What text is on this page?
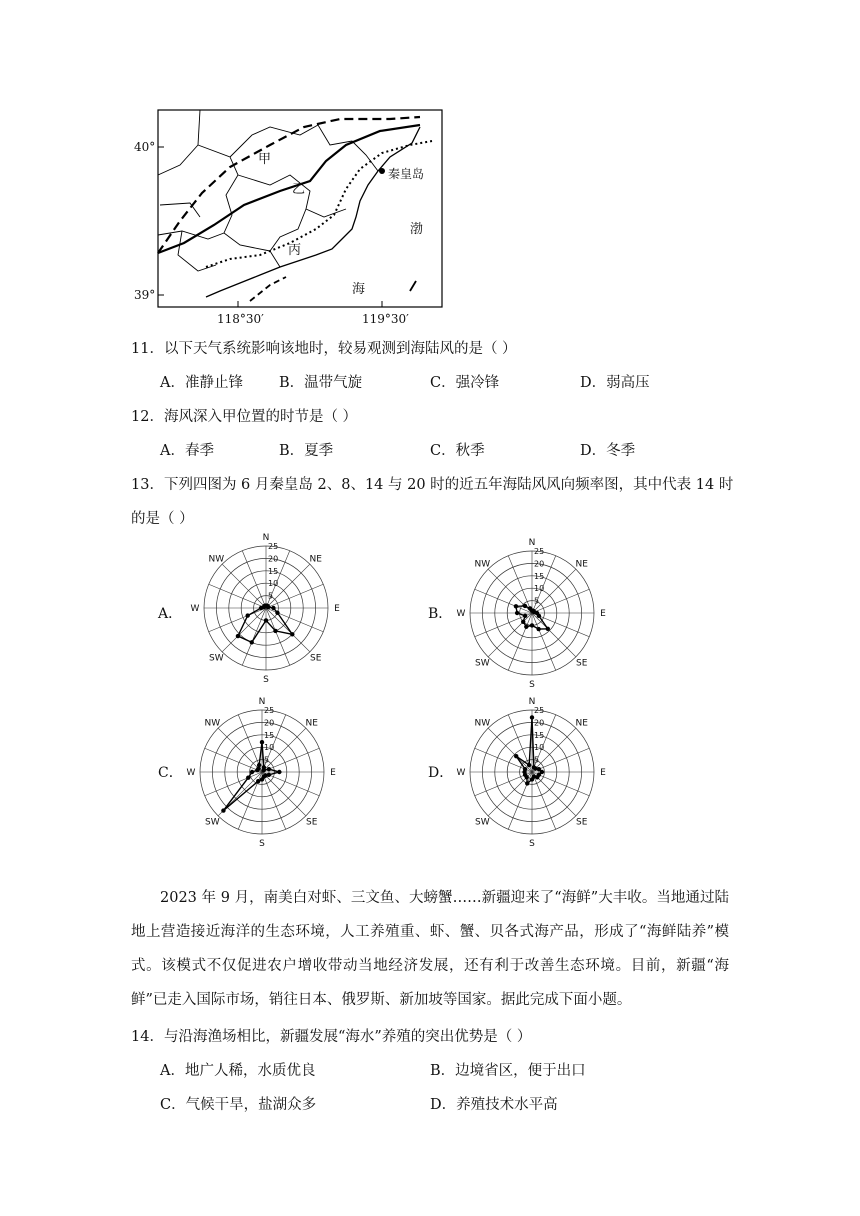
40°
39°
118°30′	119°30′
甲
乙
丙
秦皇岛
渤
海
11．以下天气系统影响该地时，较易观测到海陆风的是（ ）
A．准静止锋 B．温带气旋	C．强冷锋	D．弱高压
12．海风深入甲位置的时节是（ ）
A．春季	B．夏季	C．秋季	D．冬季
13．下列四图为 6 月秦皇岛 2、8、14 与 20 时的近五年海陆风风向频率图，其中代表 14 时
的是（ ）
A．	B．
C．	D．
5
10
15
20
25
N
NE
E
SE
S
SW
W
NW
5
10
15
20
25
N
NE
E
SE
S
SW
W
NW
5
10
15
20
25
N
NE
E
SE
S
SW
W
NW
5
10
15
20
25
N
NE
E
SE
S
SW
W
NW
2023 年 9 月，南美白对虾、三文鱼、大螃蟹……新疆迎来了“海鲜”大丰收。当地通过陆地上营造接近海洋的生态环境，人工养殖重、虾、蟹、贝各式海产品，形成了“海鲜陆养”模式。该模式不仅促进农户增收带动当地经济发展，还有利于改善生态环境。目前，新疆“海鲜”已走入国际市场，销往日本、俄罗斯、新加坡等国家。据此完成下面小题。
14．与沿海渔场相比，新疆发展“海水”养殖的突出优势是（ ）
A．地广人稀，水质优良	B．边境省区，便于出口
C．气候干旱，盐湖众多	D．养殖技术水平高
